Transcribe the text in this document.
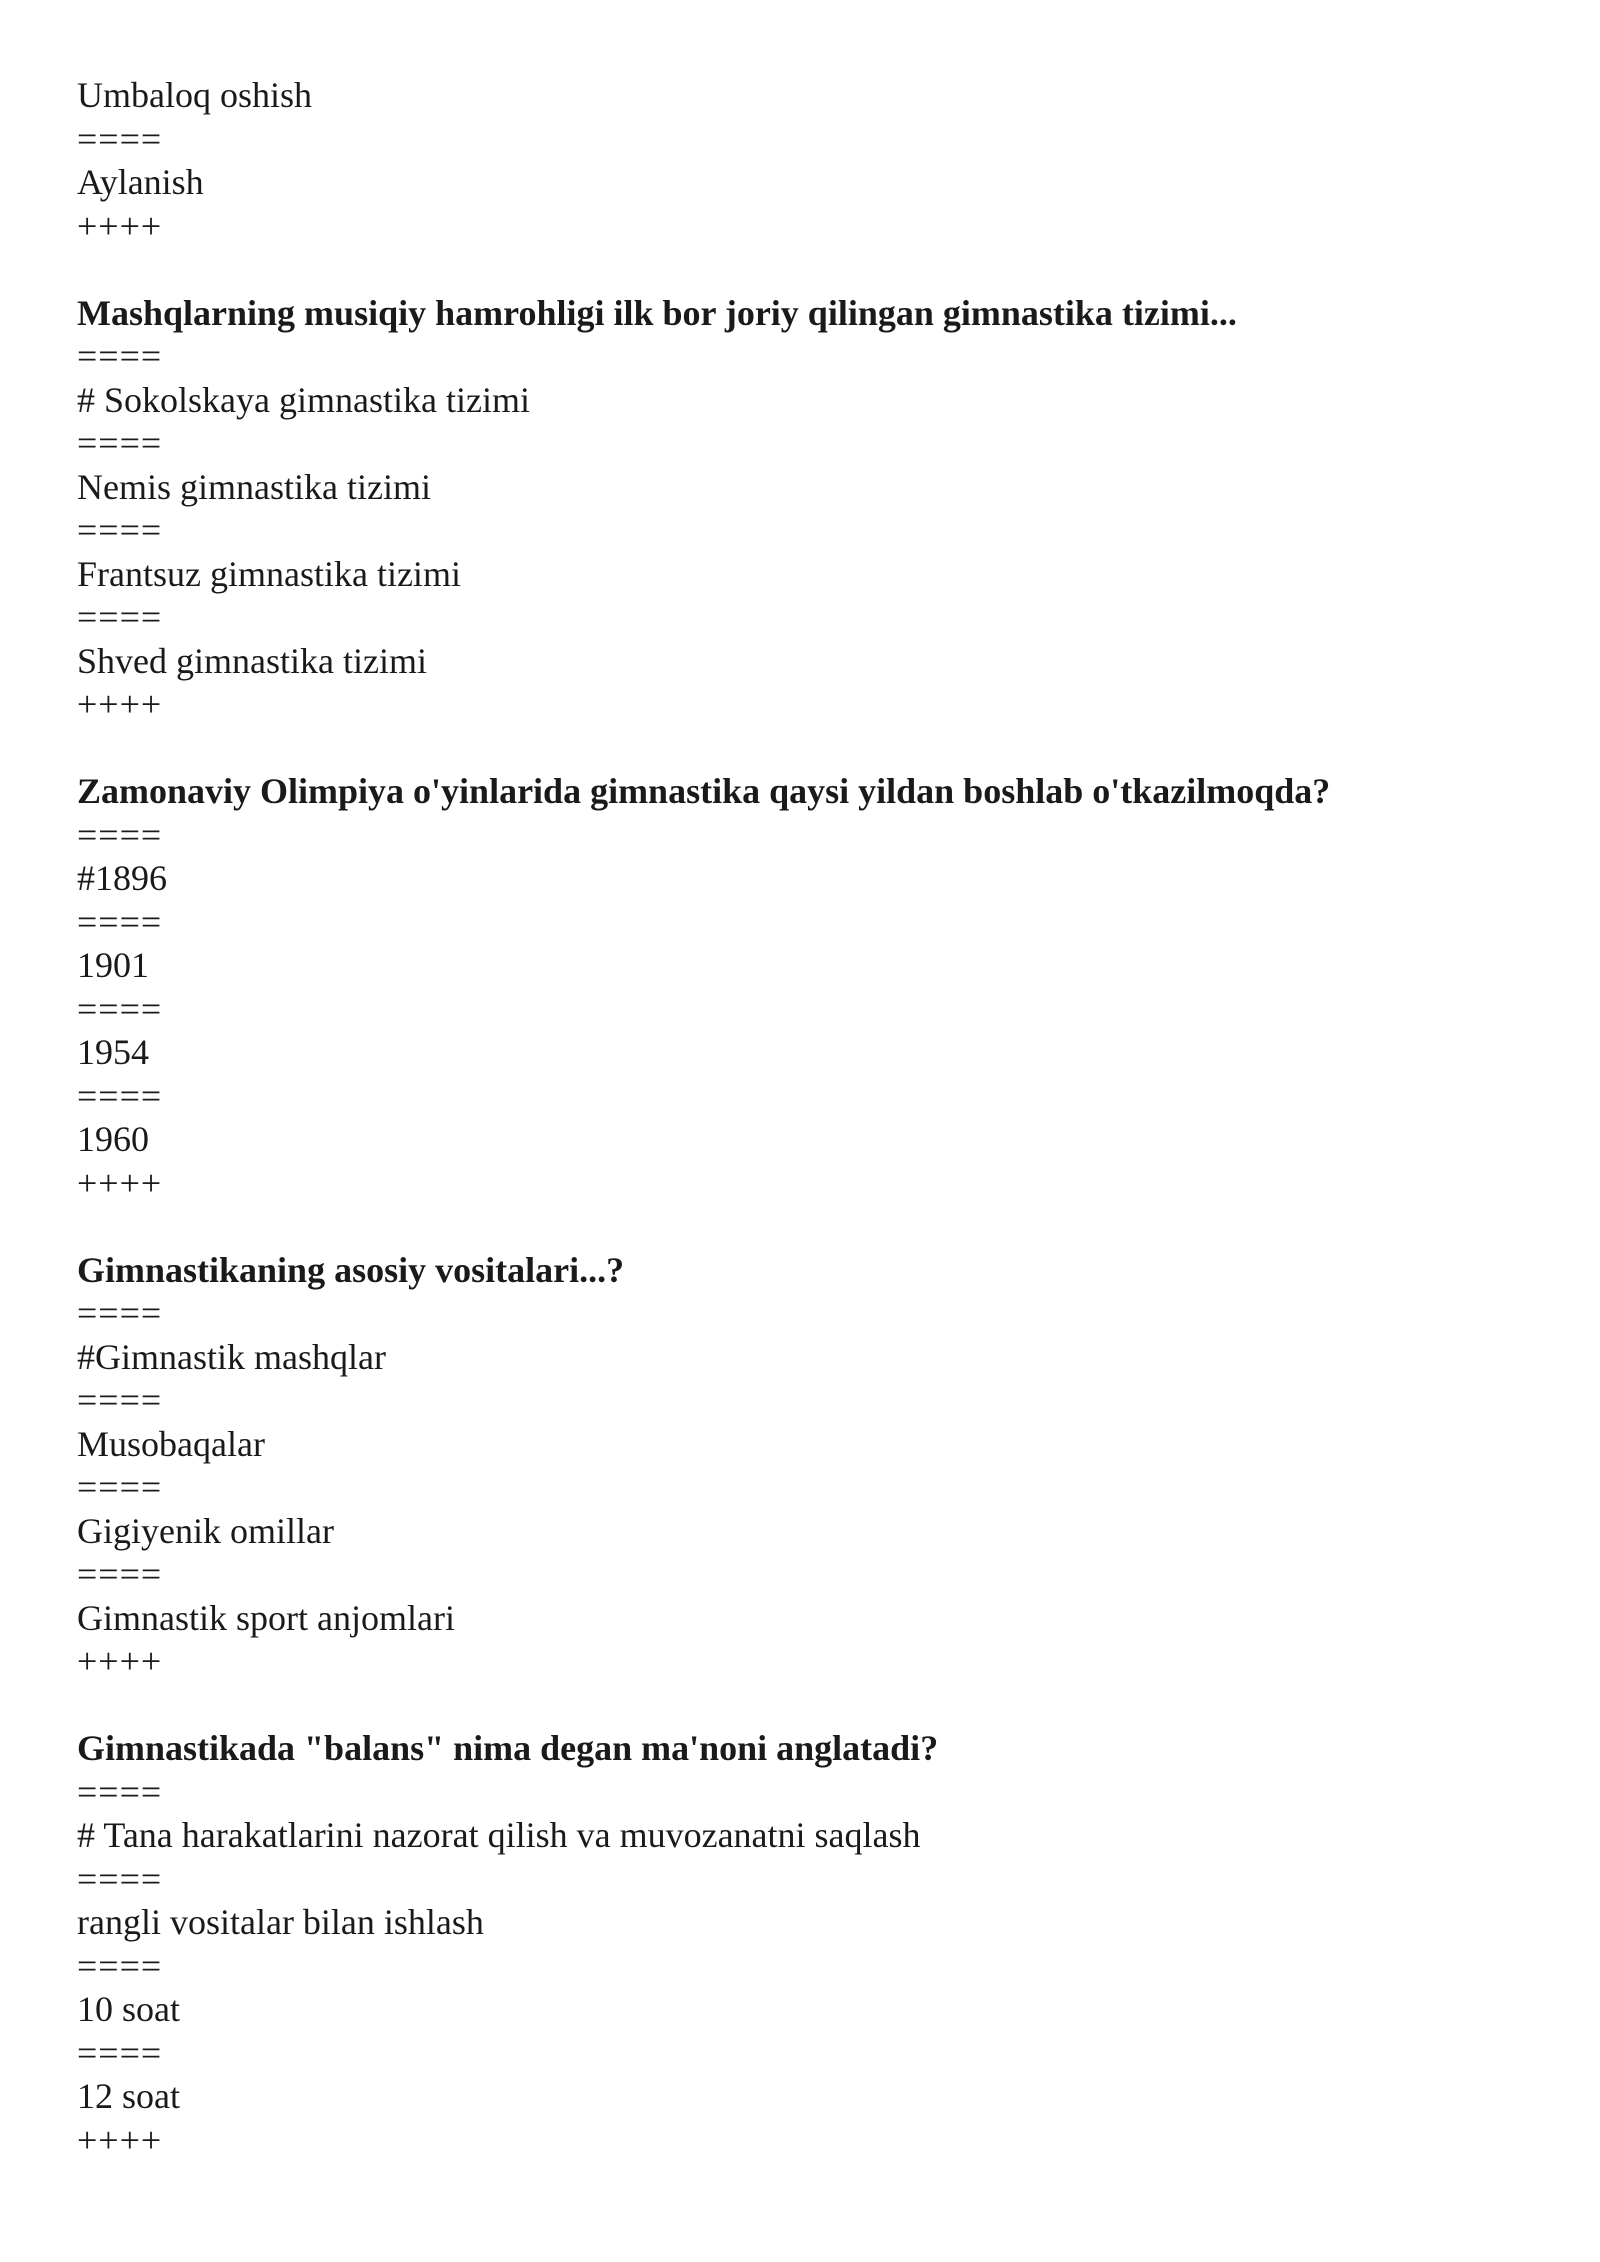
Umbaloq oshish
====
Aylanish
++++
Mashqlarning musiqiy hamrohligi ilk bor joriy qilingan gimnastika tizimi...
====
# Sokolskaya gimnastika tizimi
====
Nemis gimnastika tizimi
====
Frantsuz gimnastika tizimi
====
Shved gimnastika tizimi
++++
Zamonaviy Olimpiya o'yinlarida gimnastika qaysi yildan boshlab o'tkazilmoqda?
====
#1896
====
1901
====
1954
====
1960
++++
Gimnastikaning asosiy vositalari...?
====
#Gimnastik mashqlar
====
Musobaqalar
====
Gigiyenik omillar
====
Gimnastik sport anjomlari
++++
Gimnastikada "balans" nima degan ma'noni anglatadi?
====
# Tana harakatlarini nazorat qilish va muvozanatni saqlash
====
rangli vositalar bilan ishlash
====
10 soat
====
12 soat
++++
